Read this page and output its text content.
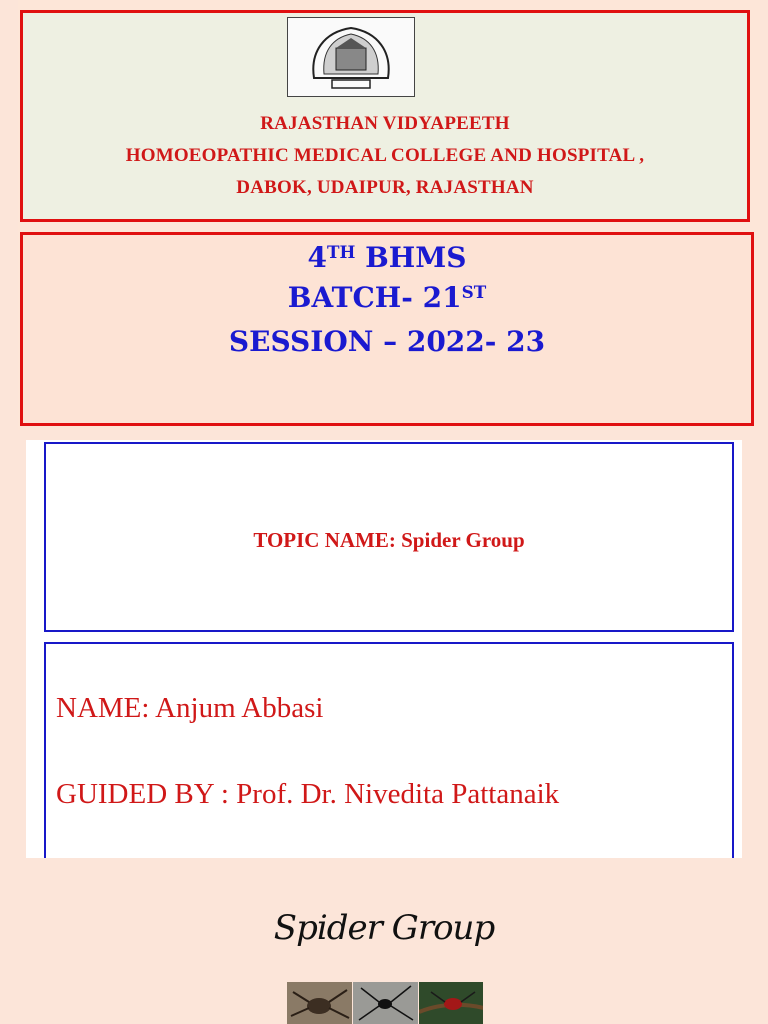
RAJASTHAN VIDYAPEETH
HOMOEOPATHIC MEDICAL COLLEGE AND HOSPITAL ,
DABOK, UDAIPUR, RAJASTHAN
4TH BHMS
BATCH- 21ST
SESSION – 2022- 23
TOPIC NAME: Spider Group
NAME: Anjum Abbasi
GUIDED BY : Prof. Dr. Nivedita Pattanaik
Spider Group
